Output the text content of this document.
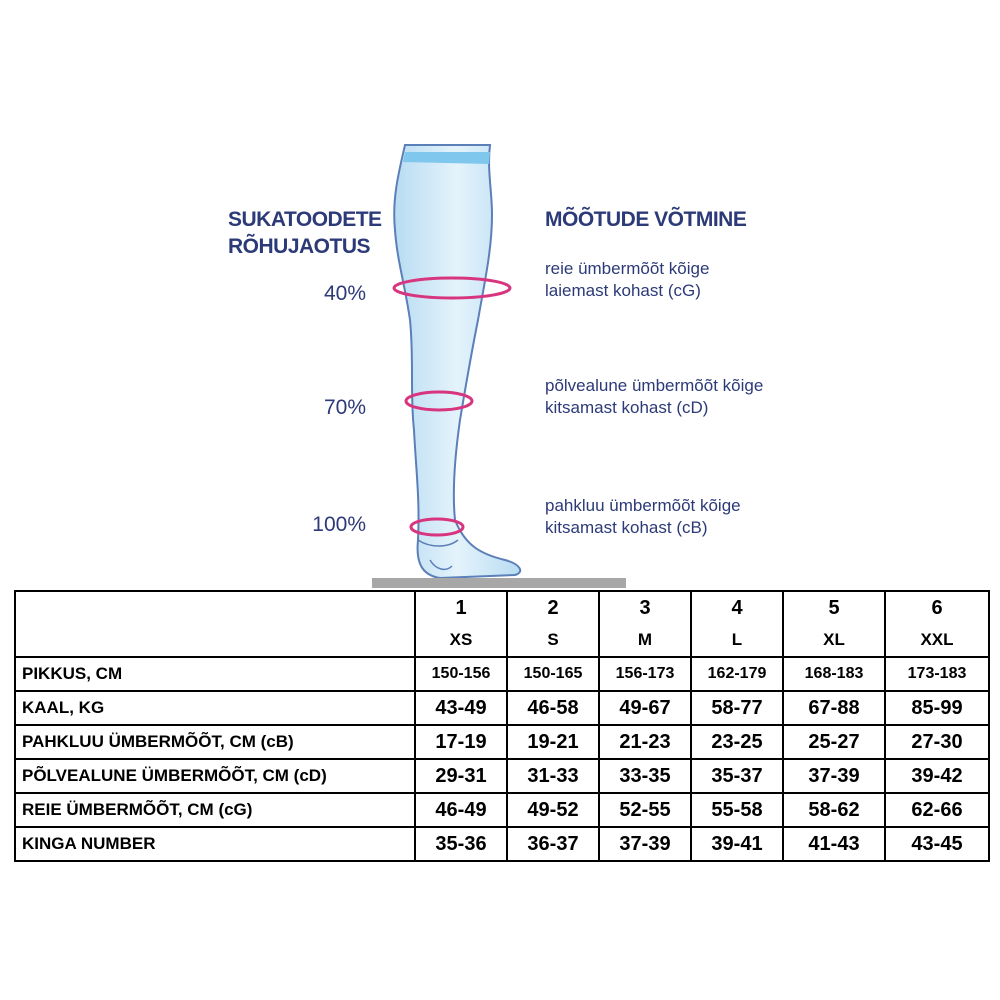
SUKATOODETE
RÕHUJAOTUS
MÕÕTUDE VÕTMINE
40%
70%
100%
reie ümbermõõt kõige
laiemast kohast (cG)
põlvealune ümbermõõt kõige
kitsamast kohast (cD)
pahkluu ümbermõõt kõige
kitsamast kohast (cB)
	1	2	3	4	5	6
	XS	S	M	L	XL	XXL
PIKKUS, CM	150-156	150-165	156-173	162-179	168-183	173-183
KAAL, KG	43-49	46-58	49-67	58-77	67-88	85-99
PAHKLUU ÜMBERMÕÕT, CM (cB)	17-19	19-21	21-23	23-25	25-27	27-30
PÕLVEALUNE ÜMBERMÕÕT, CM (cD)	29-31	31-33	33-35	35-37	37-39	39-42
REIE ÜMBERMÕÕT, CM (cG)	46-49	49-52	52-55	55-58	58-62	62-66
KINGA NUMBER	35-36	36-37	37-39	39-41	41-43	43-45
